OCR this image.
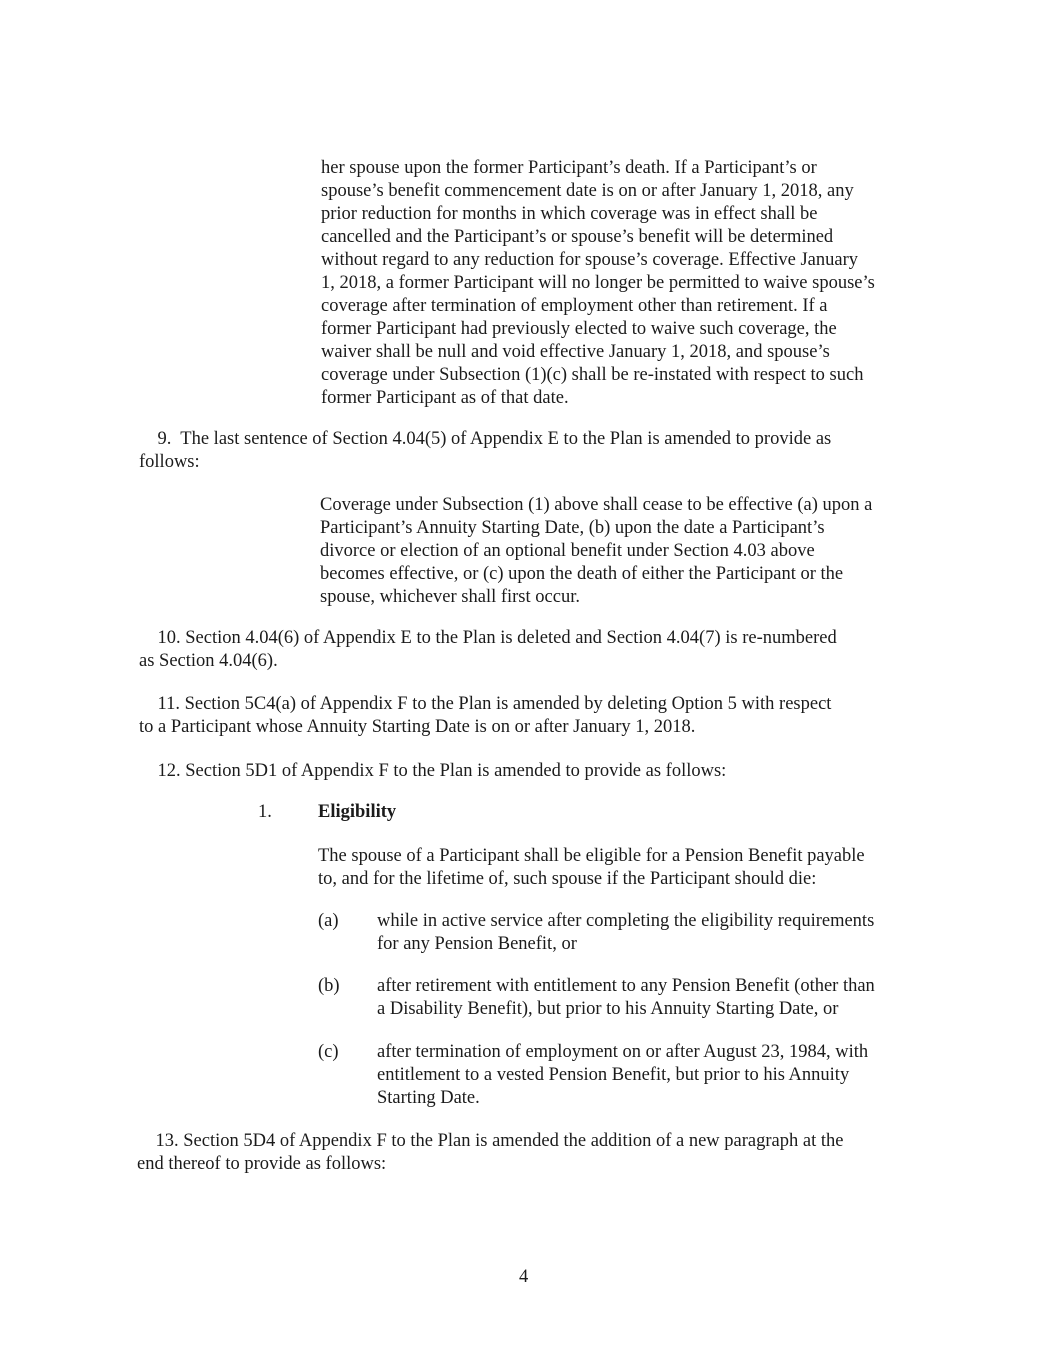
her spouse upon the former Participant’s death. If a Participant’s or
spouse’s benefit commencement date is on or after January 1, 2018, any
prior reduction for months in which coverage was in effect shall be
cancelled and the Participant’s or spouse’s benefit will be determined
without regard to any reduction for spouse’s coverage. Effective January
1, 2018, a former Participant will no longer be permitted to waive spouse’s
coverage after termination of employment other than retirement. If a
former Participant had previously elected to waive such coverage, the
waiver shall be null and void effective January 1, 2018, and spouse’s
coverage under Subsection (1)(c) shall be re-instated with respect to such
former Participant as of that date.
9.  The last sentence of Section 4.04(5) of Appendix E to the Plan is amended to provide as
follows:
Coverage under Subsection (1) above shall cease to be effective (a) upon a
Participant’s Annuity Starting Date, (b) upon the date a Participant’s
divorce or election of an optional benefit under Section 4.03 above
becomes effective, or (c) upon the death of either the Participant or the
spouse, whichever shall first occur.
10. Section 4.04(6) of Appendix E to the Plan is deleted and Section 4.04(7) is re-numbered
as Section 4.04(6).
11. Section 5C4(a) of Appendix F to the Plan is amended by deleting Option 5 with respect
to a Participant whose Annuity Starting Date is on or after January 1, 2018.
12. Section 5D1 of Appendix F to the Plan is amended to provide as follows:
1. Eligibility
The spouse of a Participant shall be eligible for a Pension Benefit payable
to, and for the lifetime of, such spouse if the Participant should die:
(a) while in active service after completing the eligibility requirements
for any Pension Benefit, or
(b) after retirement with entitlement to any Pension Benefit (other than
a Disability Benefit), but prior to his Annuity Starting Date, or
(c) after termination of employment on or after August 23, 1984, with
entitlement to a vested Pension Benefit, but prior to his Annuity
Starting Date.
13. Section 5D4 of Appendix F to the Plan is amended the addition of a new paragraph at the
end thereof to provide as follows:
4
